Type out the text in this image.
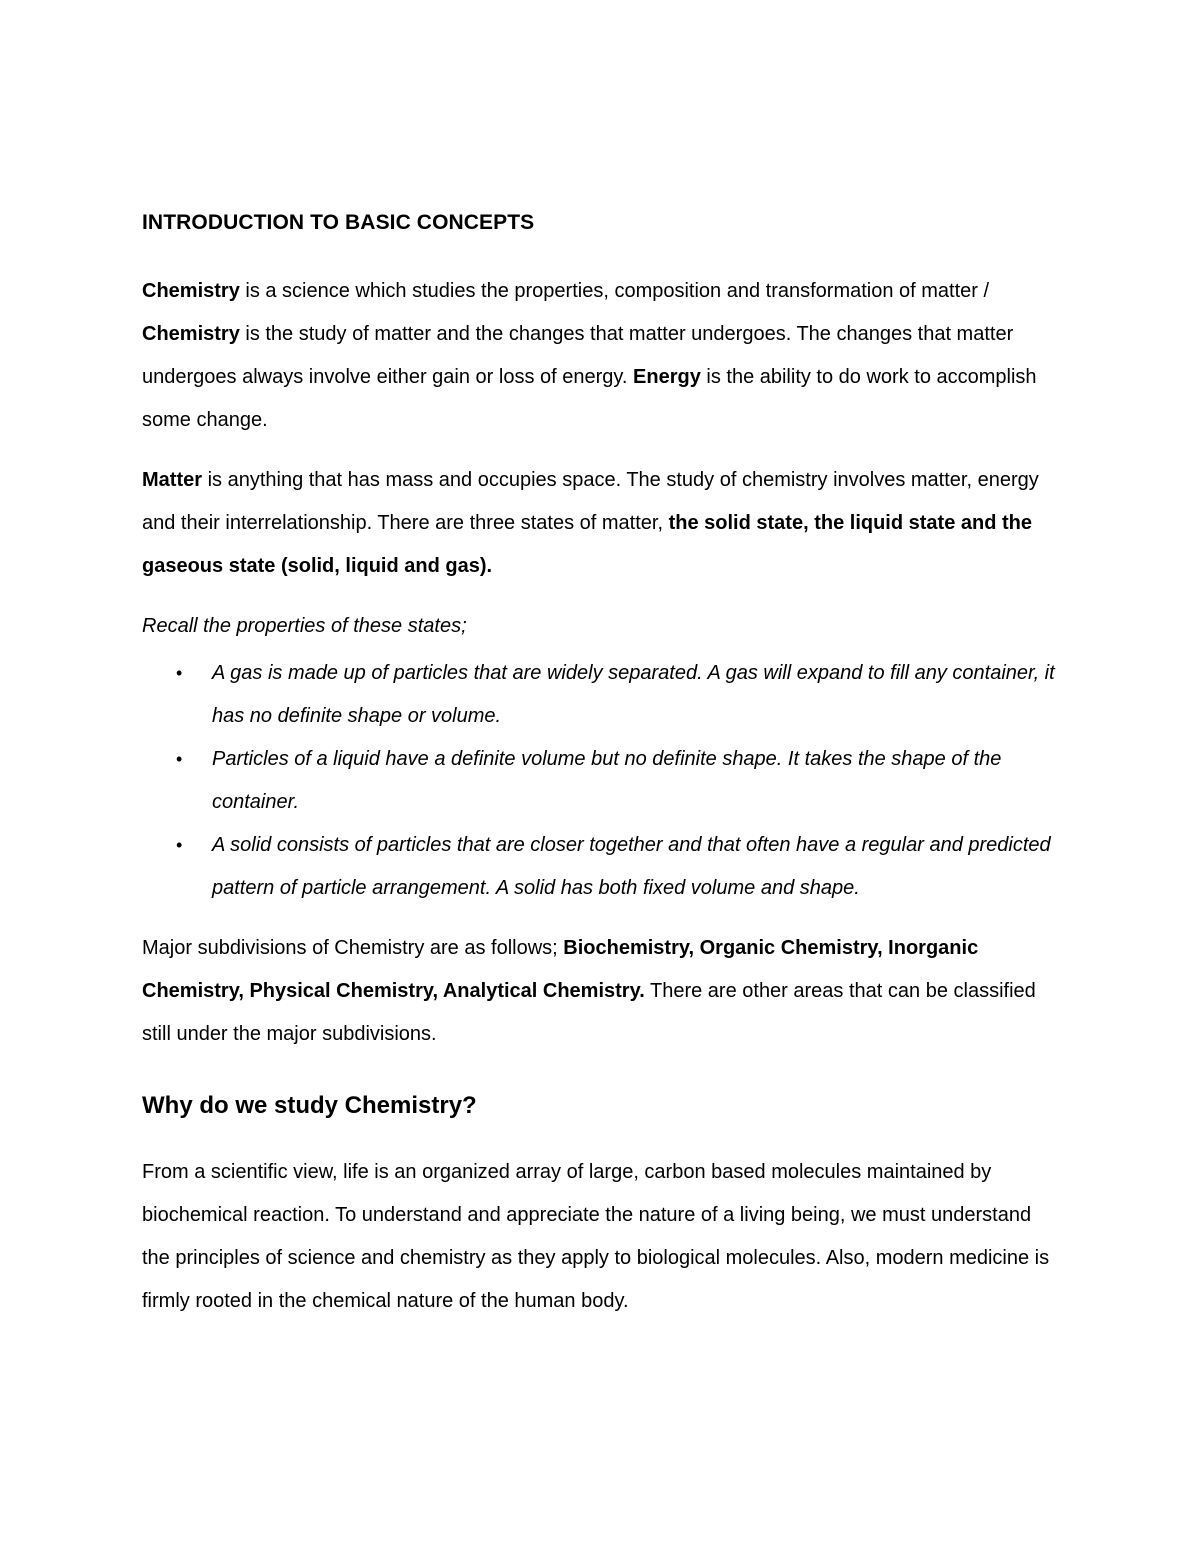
INTRODUCTION TO BASIC CONCEPTS

Chemistry is a science which studies the properties, composition and transformation of matter / Chemistry is the study of matter and the changes that matter undergoes. The changes that matter undergoes always involve either gain or loss of energy. Energy is the ability to do work to accomplish some change.

Matter is anything that has mass and occupies space. The study of chemistry involves matter, energy and their interrelationship. There are three states of matter, the solid state, the liquid state and the gaseous state (solid, liquid and gas).

Recall the properties of these states;

• A gas is made up of particles that are widely separated. A gas will expand to fill any container, it has no definite shape or volume.
• Particles of a liquid have a definite volume but no definite shape. It takes the shape of the container.
• A solid consists of particles that are closer together and that often have a regular and predicted pattern of particle arrangement. A solid has both fixed volume and shape.

Major subdivisions of Chemistry are as follows; Biochemistry, Organic Chemistry, Inorganic Chemistry, Physical Chemistry, Analytical Chemistry. There are other areas that can be classified still under the major subdivisions.

Why do we study Chemistry?

From a scientific view, life is an organized array of large, carbon based molecules maintained by biochemical reaction. To understand and appreciate the nature of a living being, we must understand the principles of science and chemistry as they apply to biological molecules. Also, modern medicine is firmly rooted in the chemical nature of the human body.
